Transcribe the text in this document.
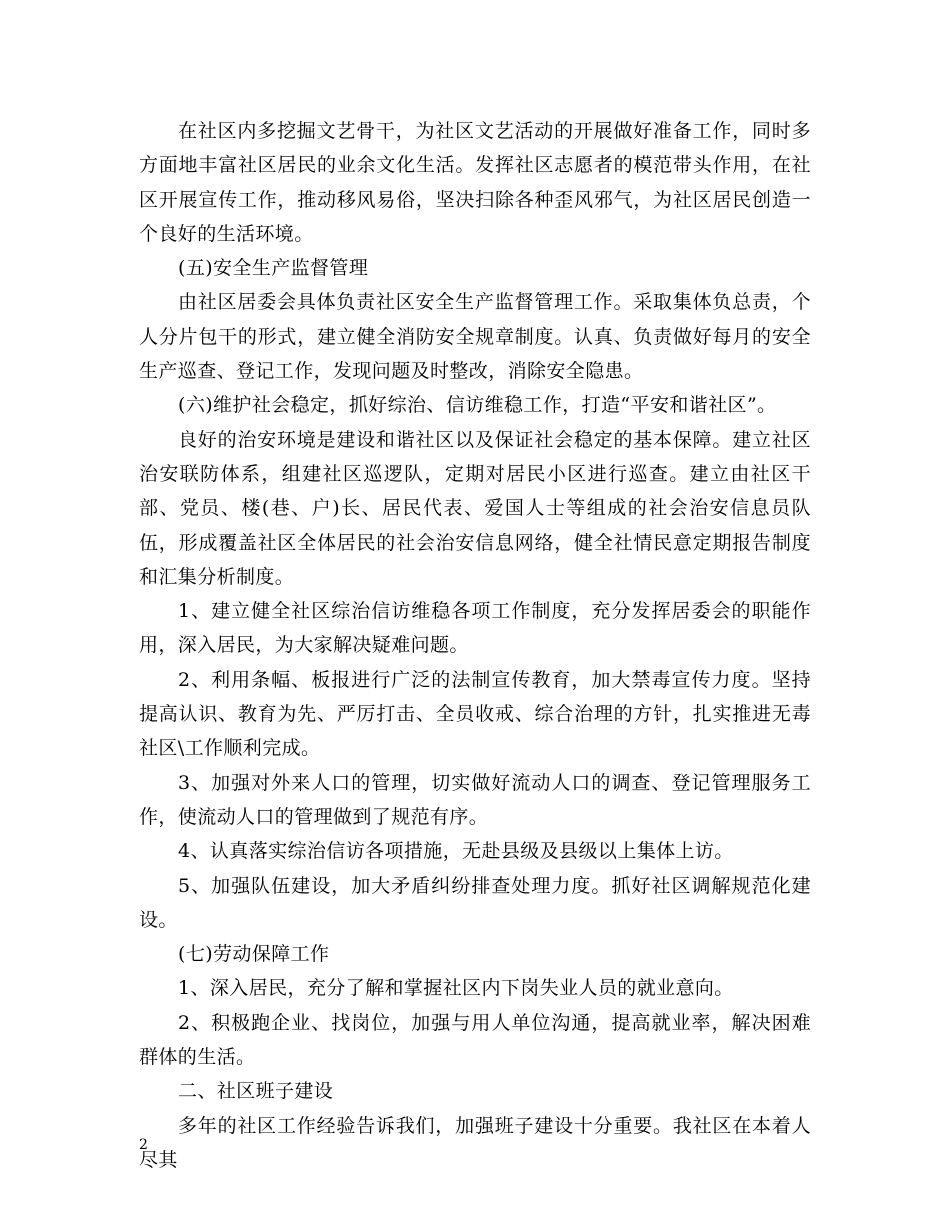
在社区内多挖掘文艺骨干，为社区文艺活动的开展做好准备工作，同时多方面地丰富社区居民的业余文化生活。发挥社区志愿者的模范带头作用，在社区开展宣传工作，推动移风易俗，坚决扫除各种歪风邪气，为社区居民创造一个良好的生活环境。

(五)安全生产监督管理

由社区居委会具体负责社区安全生产监督管理工作。采取集体负总责，个人分片包干的形式，建立健全消防安全规章制度。认真、负责做好每月的安全生产巡查、登记工作，发现问题及时整改，消除安全隐患。

(六)维护社会稳定，抓好综治、信访维稳工作，打造“平安和谐社区”。

良好的治安环境是建设和谐社区以及保证社会稳定的基本保障。建立社区治安联防体系，组建社区巡逻队，定期对居民小区进行巡查。建立由社区干部、党员、楼(巷、户)长、居民代表、爱国人士等组成的社会治安信息员队伍，形成覆盖社区全体居民的社会治安信息网络，健全社情民意定期报告制度和汇集分析制度。

1、建立健全社区综治信访维稳各项工作制度，充分发挥居委会的职能作用，深入居民，为大家解决疑难问题。

2、利用条幅、板报进行广泛的法制宣传教育，加大禁毒宣传力度。坚持提高认识、教育为先、严厉打击、全员收戒、综合治理的方针，扎实推进无毒社区\工作顺利完成。

3、加强对外来人口的管理，切实做好流动人口的调查、登记管理服务工作，使流动人口的管理做到了规范有序。

4、认真落实综治信访各项措施，无赴县级及县级以上集体上访。

5、加强队伍建设，加大矛盾纠纷排查处理力度。抓好社区调解规范化建设。

(七)劳动保障工作

1、深入居民，充分了解和掌握社区内下岗失业人员的就业意向。

2、积极跑企业、找岗位，加强与用人单位沟通，提高就业率，解决困难群体的生活。

二、社区班子建设

多年的社区工作经验告诉我们，加强班子建设十分重要。我社区在本着人尽其

2
